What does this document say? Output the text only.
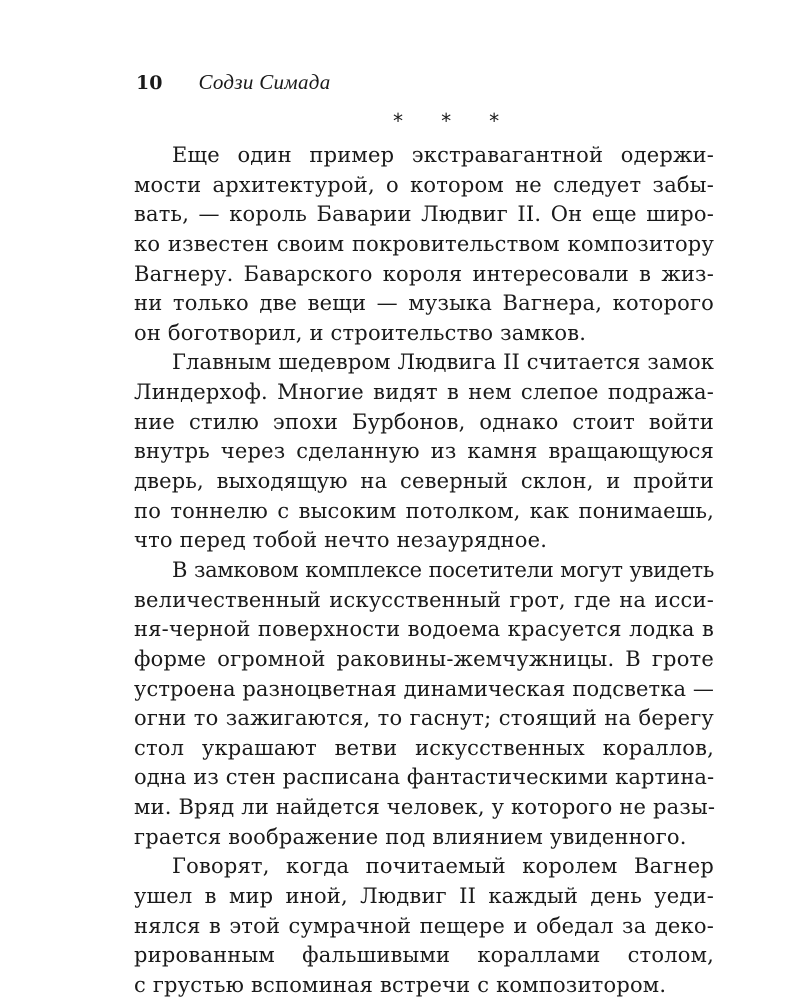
10 Содзи Симада
* * *
Еще один пример экстравагантной одержи-
мости архитектурой, о котором не следует забы-
вать, — король Баварии Людвиг II. Он еще широ-
ко известен своим покровительством композитору
Вагнеру. Баварского короля интересовали в жиз-
ни только две вещи — музыка Вагнера, которого
он боготворил, и строительство замков.
Главным шедевром Людвига II считается замок
Линдерхоф. Многие видят в нем слепое подража-
ние стилю эпохи Бурбонов, однако стоит войти
внутрь через сделанную из камня вращающуюся
дверь, выходящую на северный склон, и пройти
по тоннелю с высоким потолком, как понимаешь,
что перед тобой нечто незаурядное.
В замковом комплексе посетители могут увидеть
величественный искусственный грот, где на исси-
ня-черной поверхности водоема красуется лодка в
форме огромной раковины-жемчужницы. В гроте
устроена разноцветная динамическая подсветка —
огни то зажигаются, то гаснут; стоящий на берегу
стол украшают ветви искусственных кораллов,
одна из стен расписана фантастическими картина-
ми. Вряд ли найдется человек, у которого не разы-
грается воображение под влиянием увиденного.
Говорят, когда почитаемый королем Вагнер
ушел в мир иной, Людвиг II каждый день уеди-
нялся в этой сумрачной пещере и обедал за деко-
рированным фальшивыми кораллами столом,
с грустью вспоминая встречи с композитором.
